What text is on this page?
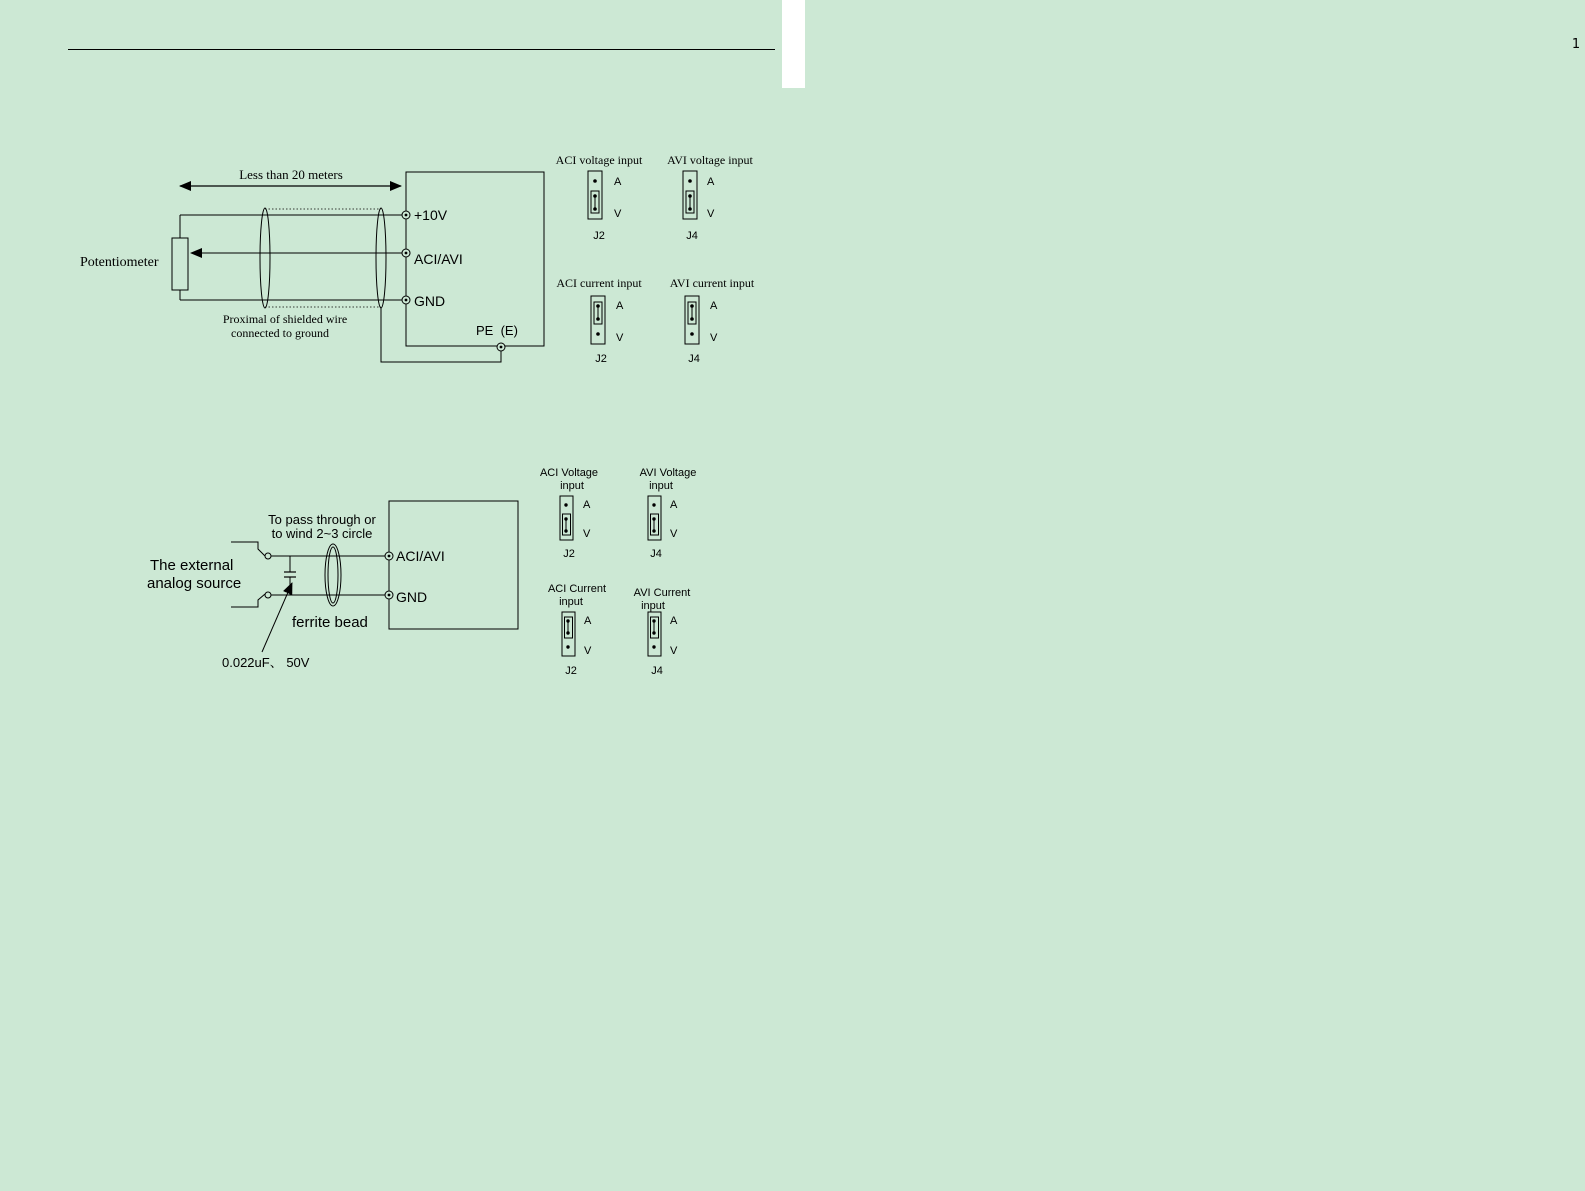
1
Less than 20 meters
Potentiometer
+10V
ACI/AVI
GND
PE  (E)
Proximal of shielded wire
connected to ground
ACI voltage input
A
V
J2
AVI voltage input
A
V
J4
ACI current input
A
V
J2
AVI current input
A
V
J4
The external
analog source
ACI/AVI
GND
To pass through or
to wind 2~3 circle
ferrite bead
0.022uF、 50V
ACI Voltage
input
A
V
J2
AVI Voltage
input
A
V
J4
ACI Current
input
A
V
J2
AVI Current
input
A
V
J4
